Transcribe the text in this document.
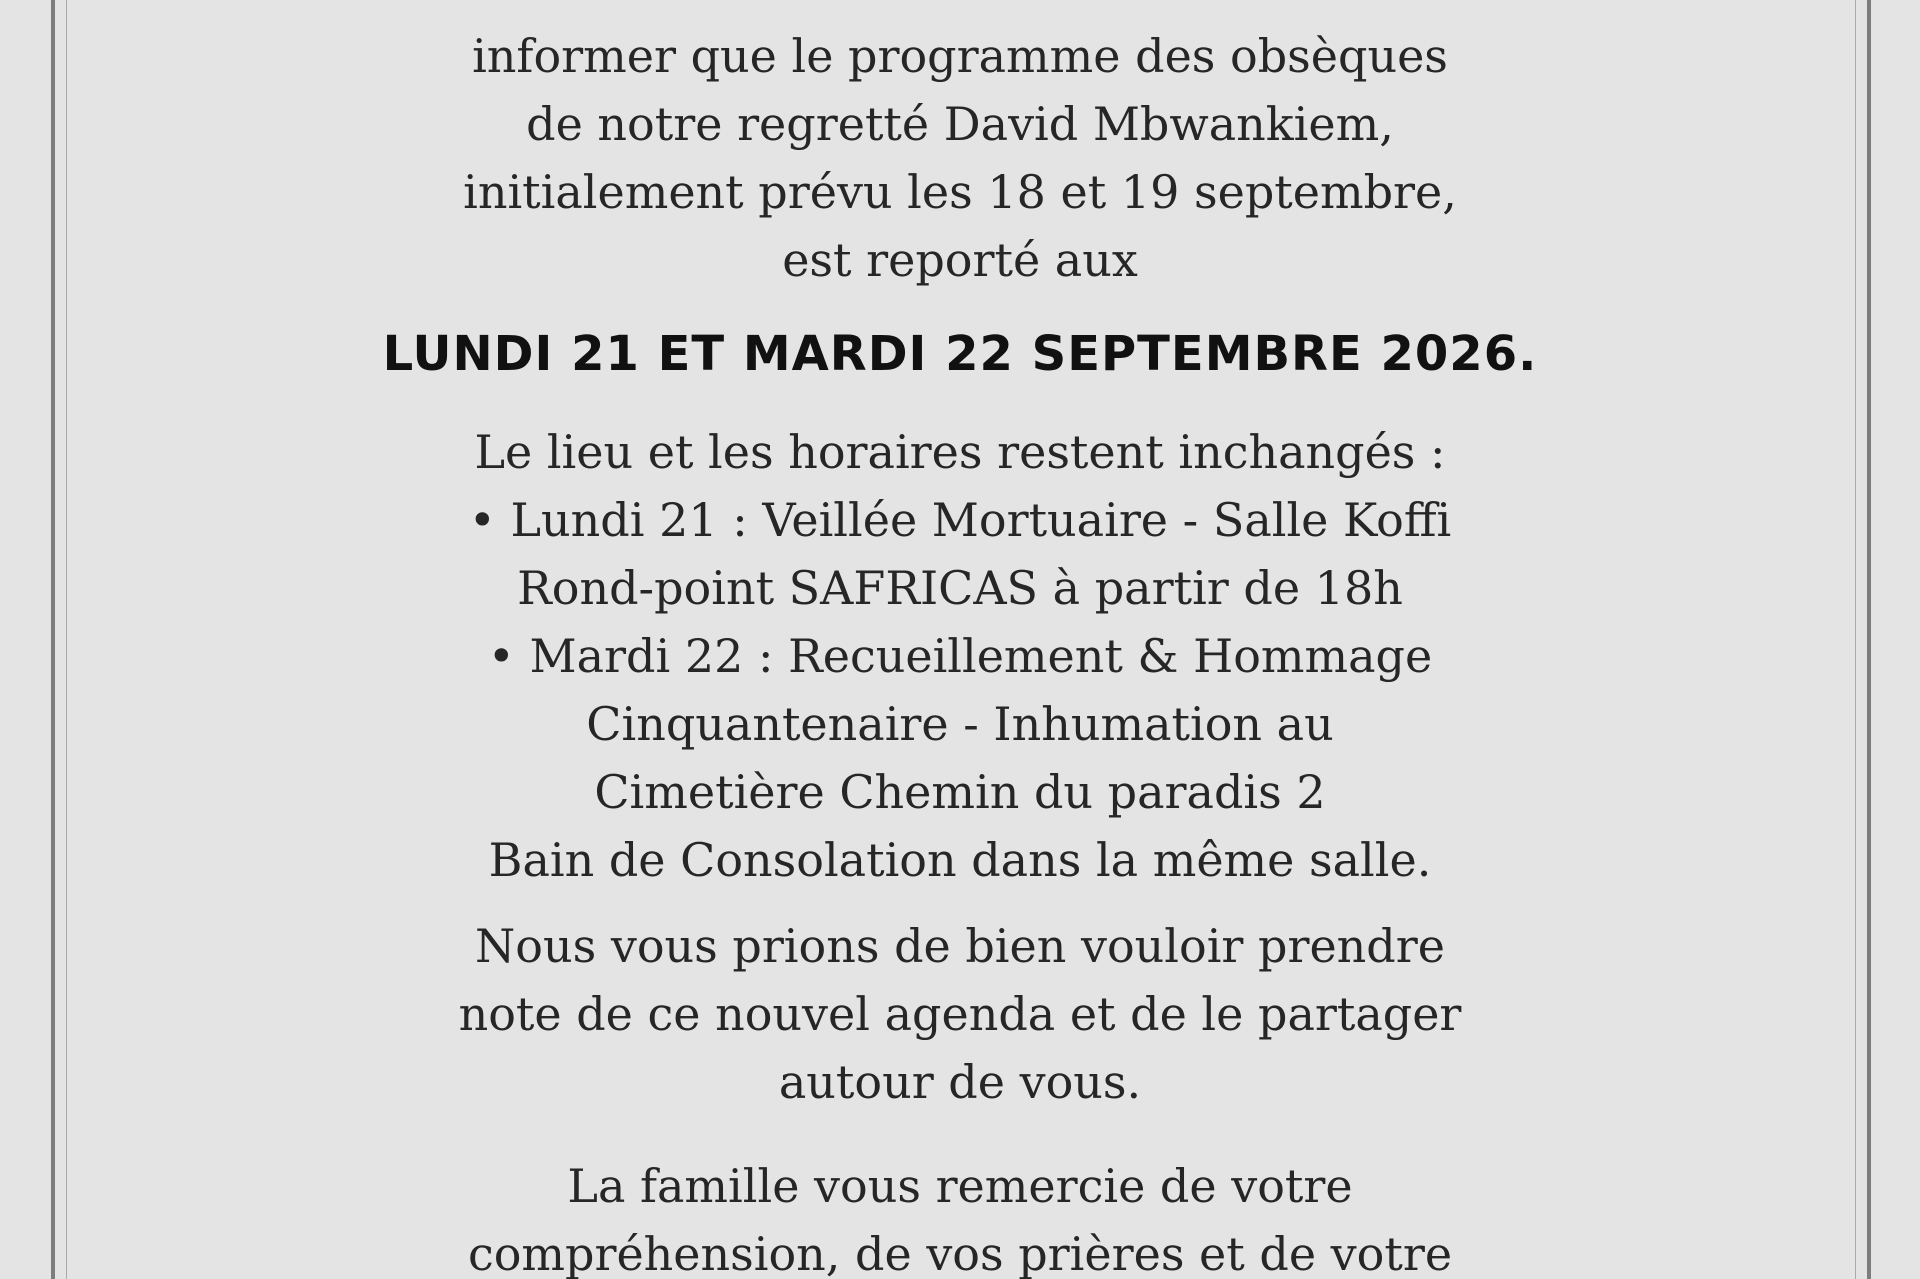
informer que le programme des obsèques
de notre regretté David Mbwankiem,
initialement prévu les 18 et 19 septembre,
est reporté aux

LUNDI 21 ET MARDI 22 SEPTEMBRE 2026.

Le lieu et les horaires restent inchangés :
• Lundi 21 : Veillée Mortuaire - Salle Koffi
Rond-point SAFRICAS à partir de 18h
• Mardi 22 : Recueillement & Hommage
Cinquantenaire - Inhumation au
Cimetière Chemin du paradis 2
Bain de Consolation dans la même salle.

Nous vous prions de bien vouloir prendre
note de ce nouvel agenda et de le partager
autour de vous.

La famille vous remercie de votre
compréhension, de vos prières et de votre
